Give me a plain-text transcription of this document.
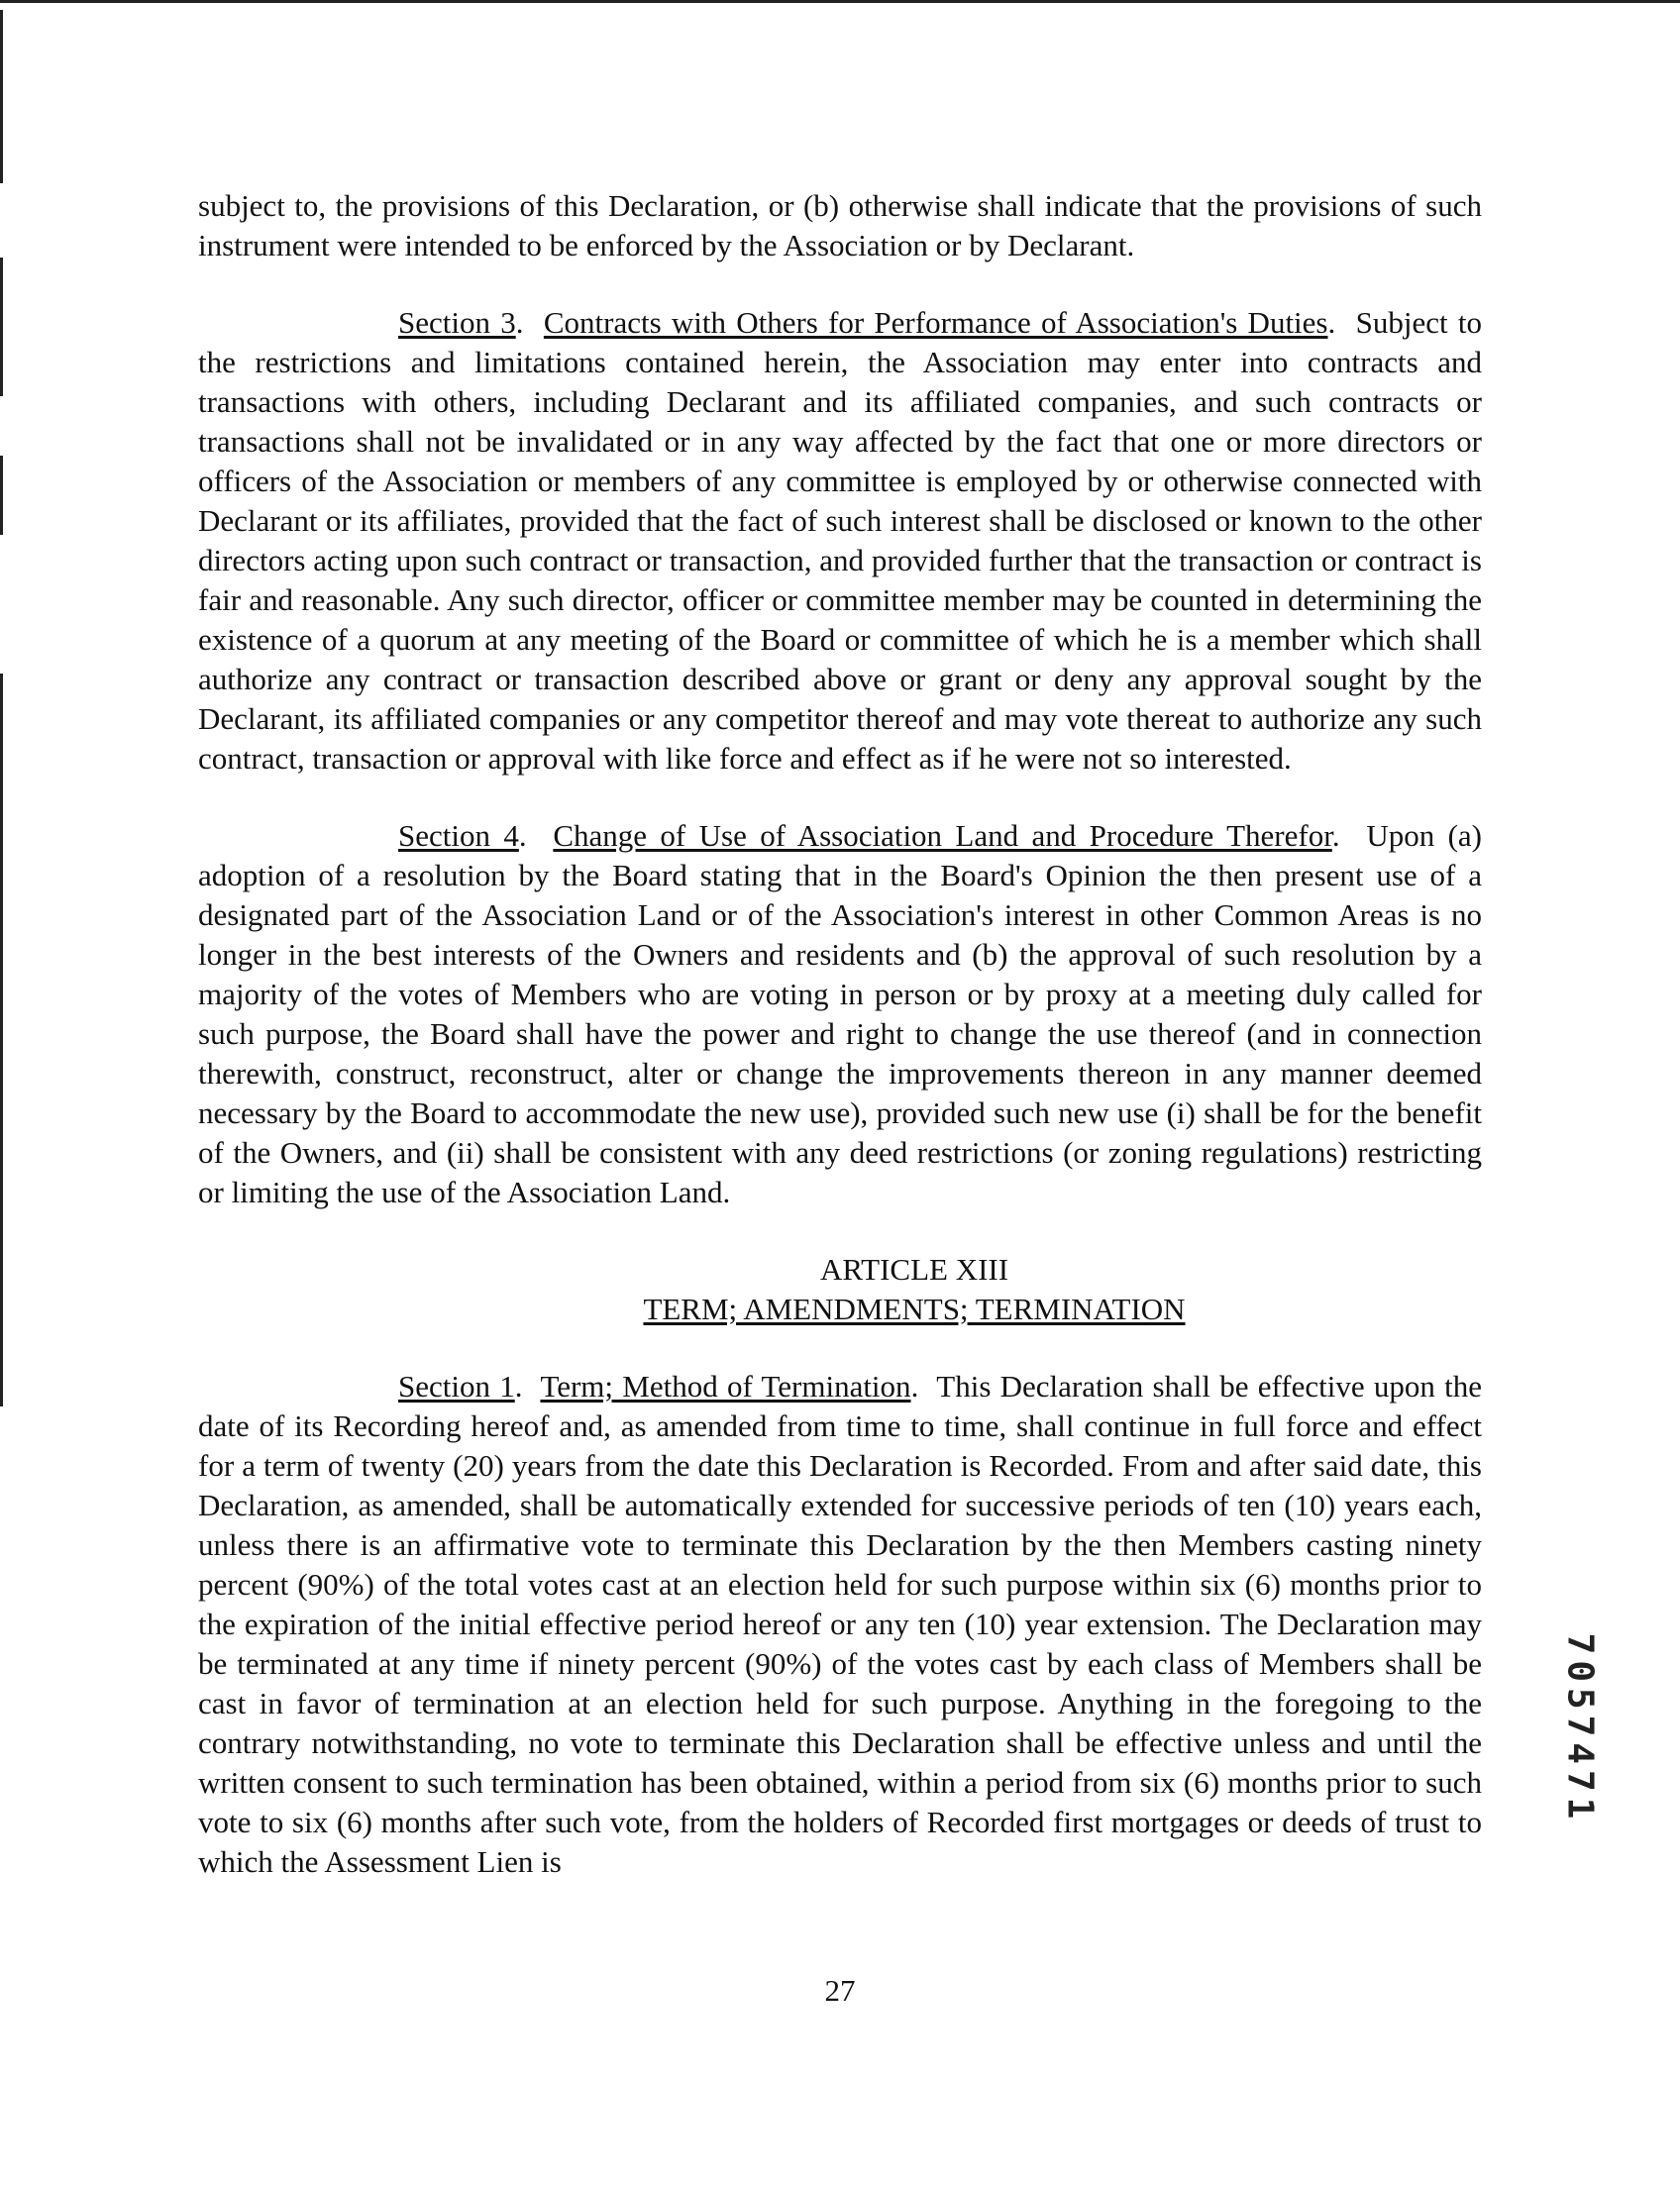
subject to, the provisions of this Declaration, or (b) otherwise shall indicate that the provisions of such instrument were intended to be enforced by the Association or by Declarant.

Section 3.  Contracts with Others for Performance of Association's Duties.  Subject to the restrictions and limitations contained herein, the Association may enter into contracts and transactions with others, including Declarant and its affiliated companies, and such contracts or transactions shall not be invalidated or in any way affected by the fact that one or more directors or officers of the Association or members of any committee is employed by or otherwise connected with Declarant or its affiliates, provided that the fact of such interest shall be disclosed or known to the other directors acting upon such contract or transaction, and provided further that the transaction or contract is fair and reasonable. Any such director, officer or committee member may be counted in determining the existence of a quorum at any meeting of the Board or committee of which he is a member which shall authorize any contract or transaction described above or grant or deny any approval sought by the Declarant, its affiliated companies or any competitor thereof and may vote thereat to authorize any such contract, transaction or approval with like force and effect as if he were not so interested.

Section 4.  Change of Use of Association Land and Procedure Therefor.  Upon (a) adoption of a resolution by the Board stating that in the Board's Opinion the then present use of a designated part of the Association Land or of the Association's interest in other Common Areas is no longer in the best interests of the Owners and residents and (b) the approval of such resolution by a majority of the votes of Members who are voting in person or by proxy at a meeting duly called for such purpose, the Board shall have the power and right to change the use thereof (and in connection therewith, construct, reconstruct, alter or change the improvements thereon in any manner deemed necessary by the Board to accommodate the new use), provided such new use (i) shall be for the benefit of the Owners, and (ii) shall be consistent with any deed restrictions (or zoning regulations) restricting or limiting the use of the Association Land.

ARTICLE XIII
TERM; AMENDMENTS; TERMINATION

Section 1.  Term; Method of Termination.  This Declaration shall be effective upon the date of its Recording hereof and, as amended from time to time, shall continue in full force and effect for a term of twenty (20) years from the date this Declaration is Recorded. From and after said date, this Declaration, as amended, shall be automatically extended for successive periods of ten (10) years each, unless there is an affirmative vote to terminate this Declaration by the then Members casting ninety percent (90%) of the total votes cast at an election held for such purpose within six (6) months prior to the expiration of the initial effective period hereof or any ten (10) year extension. The Declaration may be terminated at any time if ninety percent (90%) of the votes cast by each class of Members shall be cast in favor of termination at an election held for such purpose. Anything in the foregoing to the contrary notwithstanding, no vote to terminate this Declaration shall be effective unless and until the written consent to such termination has been obtained, within a period from six (6) months prior to such vote to six (6) months after such vote, from the holders of Recorded first mortgages or deeds of trust to which the Assessment Lien is

27
7057471
